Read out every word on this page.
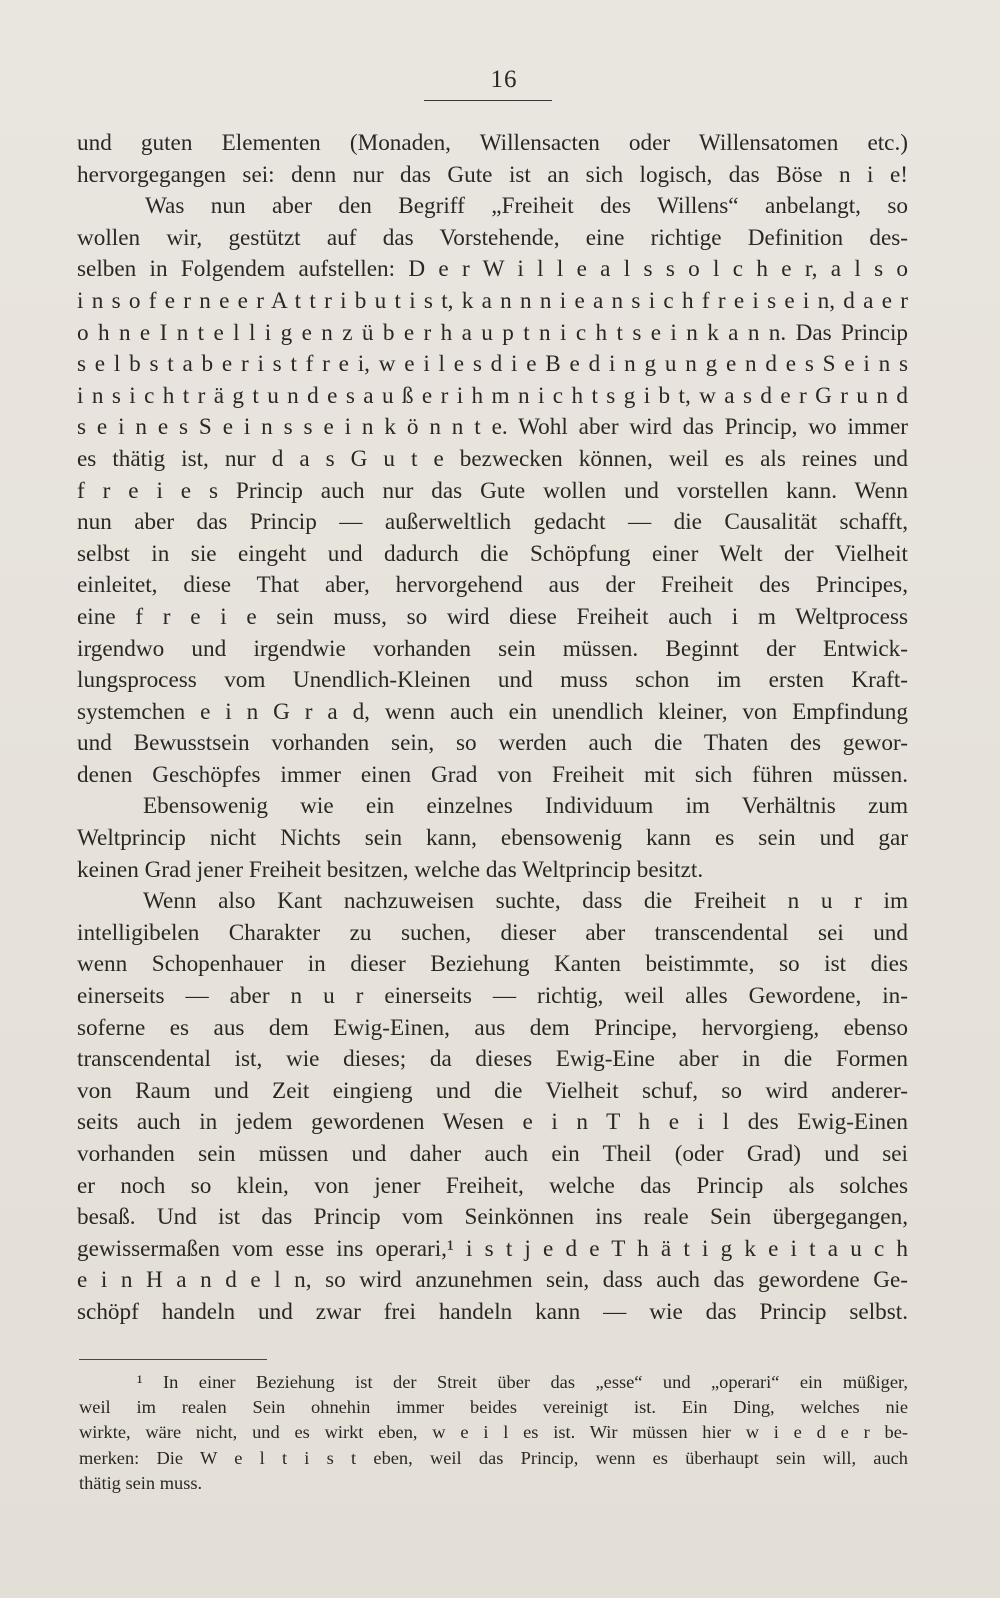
16
und guten Elementen (Monaden, Willensacten oder Willensatomen etc.)
hervorgegangen sei: denn nur das Gute ist an sich logisch, das Böse n i e!
Was nun aber den Begriff „Freiheit des Willens“ anbelangt, so
wollen wir, gestützt auf das Vorstehende, eine richtige Definition des-
selben in Folgendem aufstellen: D e r W i l l e a l s s o l c h e r, a l s o
i n s o f e r n e e r A t t r i b u t i s t, k a n n n i e a n s i c h f r e i s e i n, d a e r
o h n e I n t e l l i g e n z ü b e r h a u p t n i c h t s e i n k a n n. Das Princip
s e l b s t a b e r i s t f r e i, w e i l e s d i e B e d i n g u n g e n d e s S e i n s
i n s i c h t r ä g t u n d e s a u ß e r i h m n i c h t s g i b t, w a s d e r G r u n d
s e i n e s S e i n s s e i n k ö n n t e. Wohl aber wird das Princip, wo immer
es thätig ist, nur d a s G u t e bezwecken können, weil es als reines und
f r e i e s Princip auch nur das Gute wollen und vorstellen kann. Wenn
nun aber das Princip — außerweltlich gedacht — die Causalität schafft,
selbst in sie eingeht und dadurch die Schöpfung einer Welt der Vielheit
einleitet, diese That aber, hervorgehend aus der Freiheit des Principes,
eine f r e i e sein muss, so wird diese Freiheit auch i m Weltprocess
irgendwo und irgendwie vorhanden sein müssen. Beginnt der Entwick-
lungsprocess vom Unendlich-Kleinen und muss schon im ersten Kraft-
systemchen e i n G r a d, wenn auch ein unendlich kleiner, von Empfindung
und Bewusstsein vorhanden sein, so werden auch die Thaten des gewor-
denen Geschöpfes immer einen Grad von Freiheit mit sich führen müssen.
Ebensowenig wie ein einzelnes Individuum im Verhältnis zum
Weltprincip nicht Nichts sein kann, ebensowenig kann es sein und gar
keinen Grad jener Freiheit besitzen, welche das Weltprincip besitzt.
Wenn also Kant nachzuweisen suchte, dass die Freiheit n u r im
intelligibelen Charakter zu suchen, dieser aber transcendental sei und
wenn Schopenhauer in dieser Beziehung Kanten beistimmte, so ist dies
einerseits — aber n u r einerseits — richtig, weil alles Gewordene, in-
soferne es aus dem Ewig-Einen, aus dem Principe, hervorgieng, ebenso
transcendental ist, wie dieses; da dieses Ewig-Eine aber in die Formen
von Raum und Zeit eingieng und die Vielheit schuf, so wird anderer-
seits auch in jedem gewordenen Wesen e i n T h e i l des Ewig-Einen
vorhanden sein müssen und daher auch ein Theil (oder Grad) und sei
er noch so klein, von jener Freiheit, welche das Princip als solches
besaß. Und ist das Princip vom Seinkönnen ins reale Sein übergegangen,
gewissermaßen vom esse ins operari,¹ i s t j e d e T h ä t i g k e i t a u c h
e i n H a n d e l n, so wird anzunehmen sein, dass auch das gewordene Ge-
schöpf handeln und zwar frei handeln kann — wie das Princip selbst.
¹ In einer Beziehung ist der Streit über das „esse“ und „operari“ ein müßiger,
weil im realen Sein ohnehin immer beides vereinigt ist. Ein Ding, welches nie
wirkte, wäre nicht, und es wirkt eben, w e i l es ist. Wir müssen hier w i e d e r be-
merken: Die W e l t i s t eben, weil das Princip, wenn es überhaupt sein will, auch
thätig sein muss.
